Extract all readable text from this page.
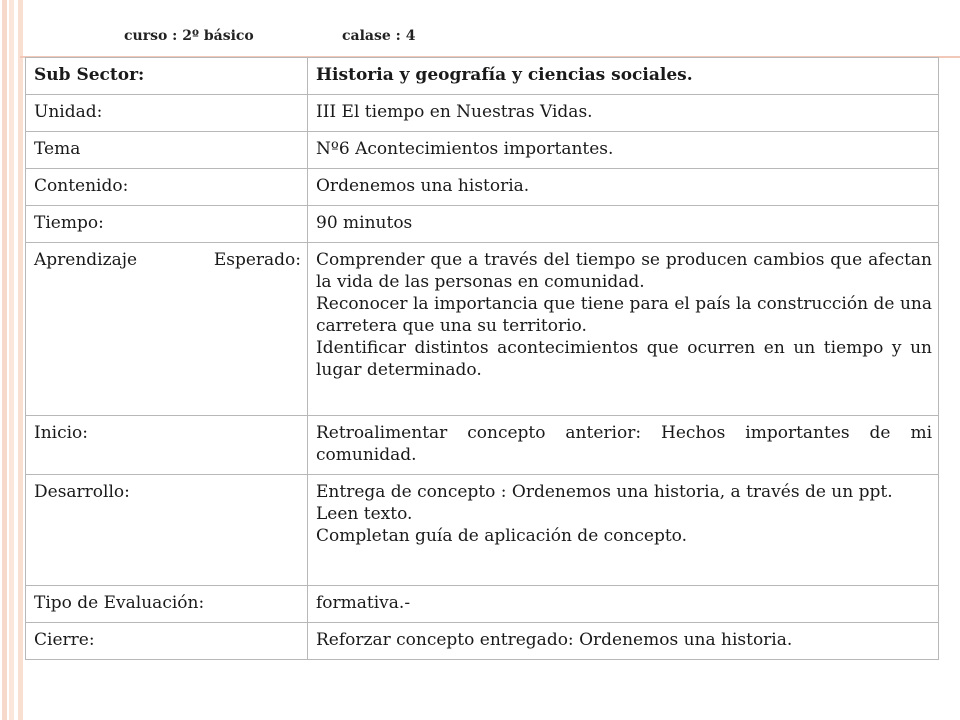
curso : 2º básico	calase : 4
Sub Sector:	Historia y geografía y ciencias sociales.
Unidad:	III El tiempo en Nuestras Vidas.
Tema	Nº6 Acontecimientos importantes.
Contenido:	Ordenemos una historia.
Tiempo:	90 minutos

Aprendizaje Esperado:	Comprender que a través del tiempo se producen cambios que afectan la vida de las personas en comunidad.
Reconocer la importancia que tiene para el país la construcción de una carretera que una su territorio.
Identificar distintos acontecimientos que ocurren en un tiempo y un lugar determinado.

Inicio:	Retroalimentar concepto anterior: Hechos importantes de mi comunidad.
Desarrollo:	Entrega de concepto : Ordenemos una historia, a través de un ppt.
Leen texto.
Completan guía de aplicación de concepto.

Tipo de Evaluación:	formativa.-
Cierre:	Reforzar concepto entregado: Ordenemos una historia.
